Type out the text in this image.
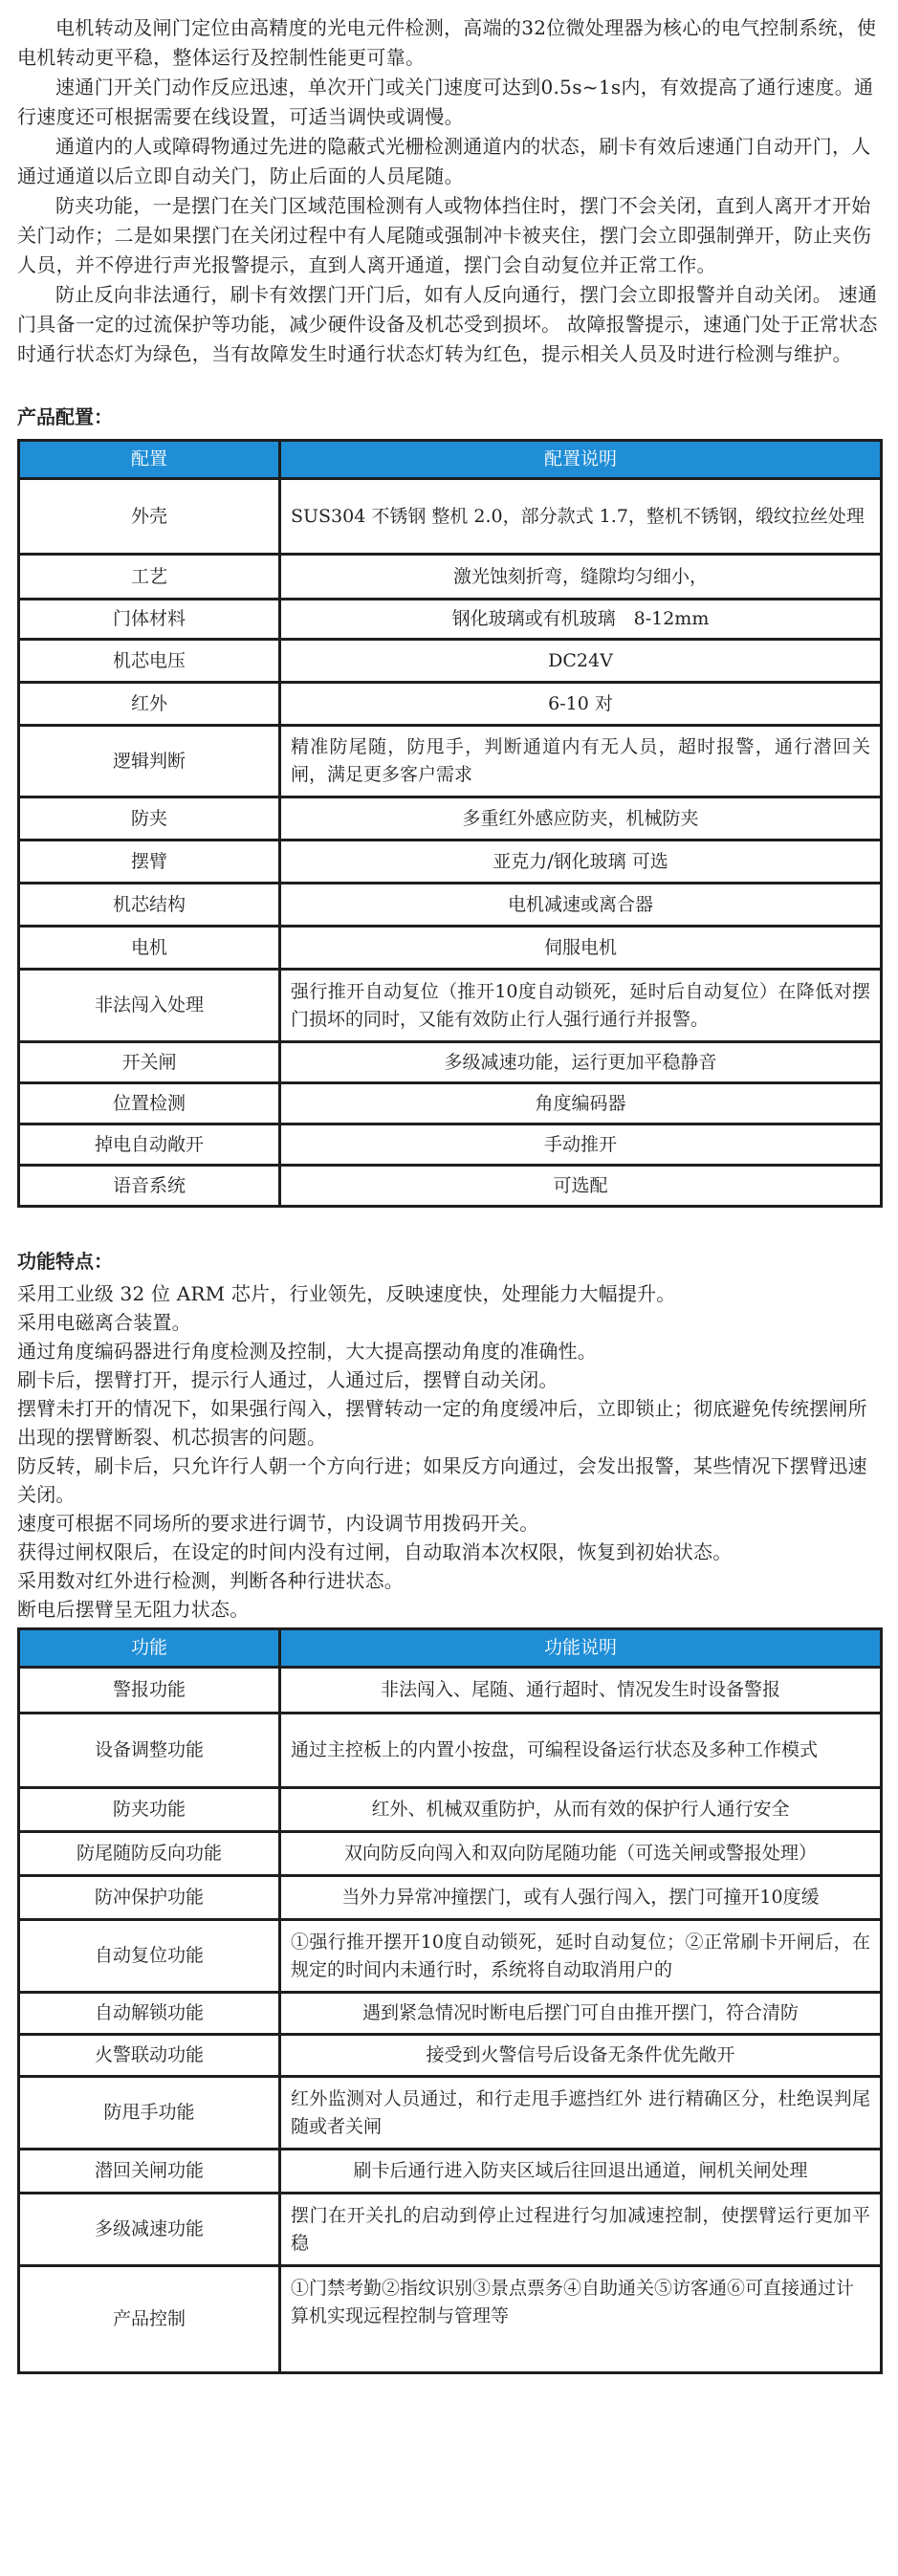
电机转动及闸门定位由高精度的光电元件检测，高端的32位微处理器为核心的电气控制系统，使电机转动更平稳，整体运行及控制性能更可靠。

速通门开关门动作反应迅速，单次开门或关门速度可达到0.5s~1s内，有效提高了通行速度。通行速度还可根据需要在线设置，可适当调快或调慢。

通道内的人或障碍物通过先进的隐蔽式光栅检测通道内的状态，刷卡有效后速通门自动开门，人通过通道以后立即自动关门，防止后面的人员尾随。

防夹功能，一是摆门在关门区域范围检测有人或物体挡住时，摆门不会关闭，直到人离开才开始关门动作；二是如果摆门在关闭过程中有人尾随或强制冲卡被夹住，摆门会立即强制弹开，防止夹伤人员，并不停进行声光报警提示，直到人离开通道，摆门会自动复位并正常工作。

防止反向非法通行，刷卡有效摆门开门后，如有人反向通行，摆门会立即报警并自动关闭。 速通门具备一定的过流保护等功能，减少硬件设备及机芯受到损坏。 故障报警提示，速通门处于正常状态时通行状态灯为绿色，当有故障发生时通行状态灯转为红色，提示相关人员及时进行检测与维护。

产品配置：
配置	配置说明
外壳	SUS304 不锈钢 整机 2.0，部分款式 1.7，整机不锈钢，缎纹拉丝处理
工艺	激光蚀刻折弯，缝隙均匀细小，
门体材料	钢化玻璃或有机玻璃　8-12mm
机芯电压	DC24V
红外	6-10 对
逻辑判断	精准防尾随，防甩手，判断通道内有无人员，超时报警，通行潜回关闸，满足更多客户需求
防夹	多重红外感应防夹，机械防夹
摆臂	亚克力/钢化玻璃 可选
机芯结构	电机减速或离合器
电机	伺服电机
非法闯入处理	强行推开自动复位（推开10度自动锁死，延时后自动复位）在降低对摆门损坏的同时，又能有效防止行人强行通行并报警。
开关闸	多级减速功能，运行更加平稳静音
位置检测	角度编码器
掉电自动敞开	手动推开
语音系统	可选配
功能特点：

采用工业级 32 位 ARM 芯片，行业领先，反映速度快，处理能力大幅提升。

采用电磁离合装置。

通过角度编码器进行角度检测及控制，大大提高摆动角度的准确性。

刷卡后，摆臂打开，提示行人通过，人通过后，摆臂自动关闭。

摆臂未打开的情况下，如果强行闯入，摆臂转动一定的角度缓冲后，立即锁止；彻底避免传统摆闸所出现的摆臂断裂、机芯损害的问题。

防反转，刷卡后，只允许行人朝一个方向行进；如果反方向通过，会发出报警，某些情况下摆臂迅速关闭。

速度可根据不同场所的要求进行调节，内设调节用拨码开关。

获得过闸权限后，在设定的时间内没有过闸，自动取消本次权限，恢复到初始状态。

采用数对红外进行检测，判断各种行进状态。

断电后摆臂呈无阻力状态。

功能	功能说明
警报功能	非法闯入、尾随、通行超时、情况发生时设备警报
设备调整功能	通过主控板上的内置小按盘，可编程设备运行状态及多种工作模式
防夹功能	红外、机械双重防护，从而有效的保护行人通行安全
防尾随防反向功能	双向防反向闯入和双向防尾随功能（可选关闸或警报处理）
防冲保护功能	当外力异常冲撞摆门，或有人强行闯入，摆门可撞开10度缓
自动复位功能	①强行推开摆开10度自动锁死，延时自动复位；②正常刷卡开闸后，在规定的时间内未通行时，系统将自动取消用户的
自动解锁功能	遇到紧急情况时断电后摆门可自由推开摆门，符合清防
火警联动功能	接受到火警信号后设备无条件优先敞开
防甩手功能	红外监测对人员通过，和行走甩手遮挡红外 进行精确区分，杜绝误判尾随或者关闸
潜回关闸功能	刷卡后通行进入防夹区域后往回退出通道，闸机关闸处理
多级减速功能	摆门在开关扎的启动到停止过程进行匀加减速控制，使摆臂运行更加平稳
产品控制	①门禁考勤②指纹识别③景点票务④自助通关⑤访客通⑥可直接通过计算机实现远程控制与管理等
